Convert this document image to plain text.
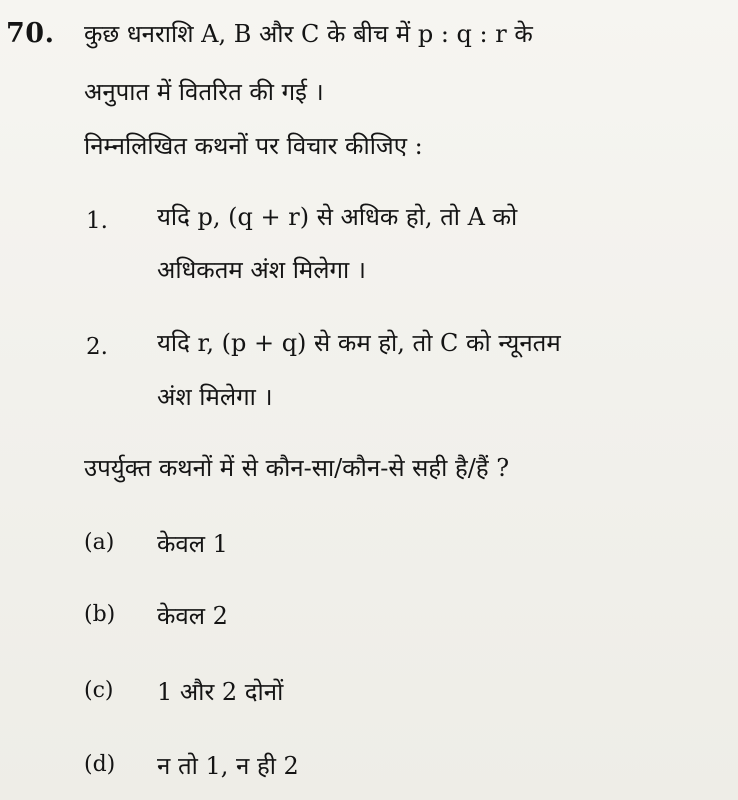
70. कुछ धनराशि A, B और C के बीच में p : q : r के
अनुपात में वितरित की गई ।
निम्नलिखित कथनों पर विचार कीजिए :
1. यदि p, (q + r) से अधिक हो, तो A को
अधिकतम अंश मिलेगा ।
2. यदि r, (p + q) से कम हो, तो C को न्यूनतम
अंश मिलेगा ।
उपर्युक्त कथनों में से कौन-सा/कौन-से सही है/हैं ?
(a) केवल 1
(b) केवल 2
(c) 1 और 2 दोनों
(d) न तो 1, न ही 2
